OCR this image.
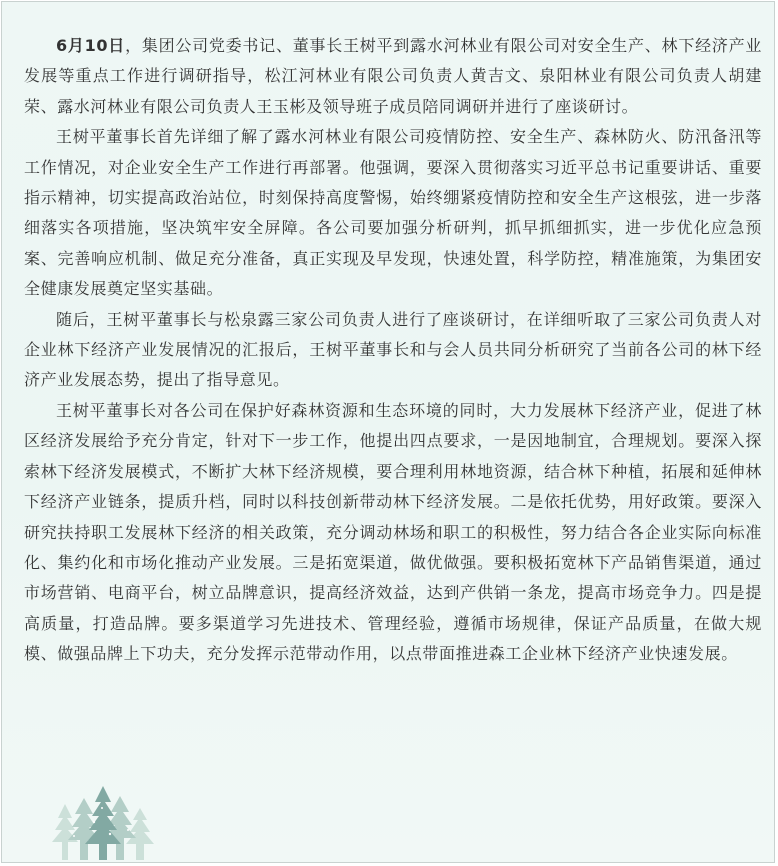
6月10日，集团公司党委书记、董事长王树平到露水河林业有限公司对安全生产、林下经济产业发展等重点工作进行调研指导，松江河林业有限公司负责人黄吉文、泉阳林业有限公司负责人胡建荣、露水河林业有限公司负责人王玉彬及领导班子成员陪同调研并进行了座谈研讨。

王树平董事长首先详细了解了露水河林业有限公司疫情防控、安全生产、森林防火、防汛备汛等工作情况，对企业安全生产工作进行再部署。他强调，要深入贯彻落实习近平总书记重要讲话、重要指示精神，切实提高政治站位，时刻保持高度警惕，始终绷紧疫情防控和安全生产这根弦，进一步落细落实各项措施，坚决筑牢安全屏障。各公司要加强分析研判，抓早抓细抓实，进一步优化应急预案、完善响应机制、做足充分准备，真正实现及早发现，快速处置，科学防控，精准施策，为集团安全健康发展奠定坚实基础。

随后，王树平董事长与松泉露三家公司负责人进行了座谈研讨，在详细听取了三家公司负责人对企业林下经济产业发展情况的汇报后，王树平董事长和与会人员共同分析研究了当前各公司的林下经济产业发展态势，提出了指导意见。

王树平董事长对各公司在保护好森林资源和生态环境的同时，大力发展林下经济产业，促进了林区经济发展给予充分肯定，针对下一步工作，他提出四点要求，一是因地制宜，合理规划。要深入探索林下经济发展模式，不断扩大林下经济规模，要合理利用林地资源，结合林下种植，拓展和延伸林下经济产业链条，提质升档，同时以科技创新带动林下经济发展。二是依托优势，用好政策。要深入研究扶持职工发展林下经济的相关政策，充分调动林场和职工的积极性，努力结合各企业实际向标准化、集约化和市场化推动产业发展。三是拓宽渠道，做优做强。要积极拓宽林下产品销售渠道，通过市场营销、电商平台，树立品牌意识，提高经济效益，达到产供销一条龙，提高市场竞争力。四是提高质量，打造品牌。要多渠道学习先进技术、管理经验，遵循市场规律，保证产品质量，在做大规模、做强品牌上下功夫，充分发挥示范带动作用，以点带面推进森工企业林下经济产业快速发展。
